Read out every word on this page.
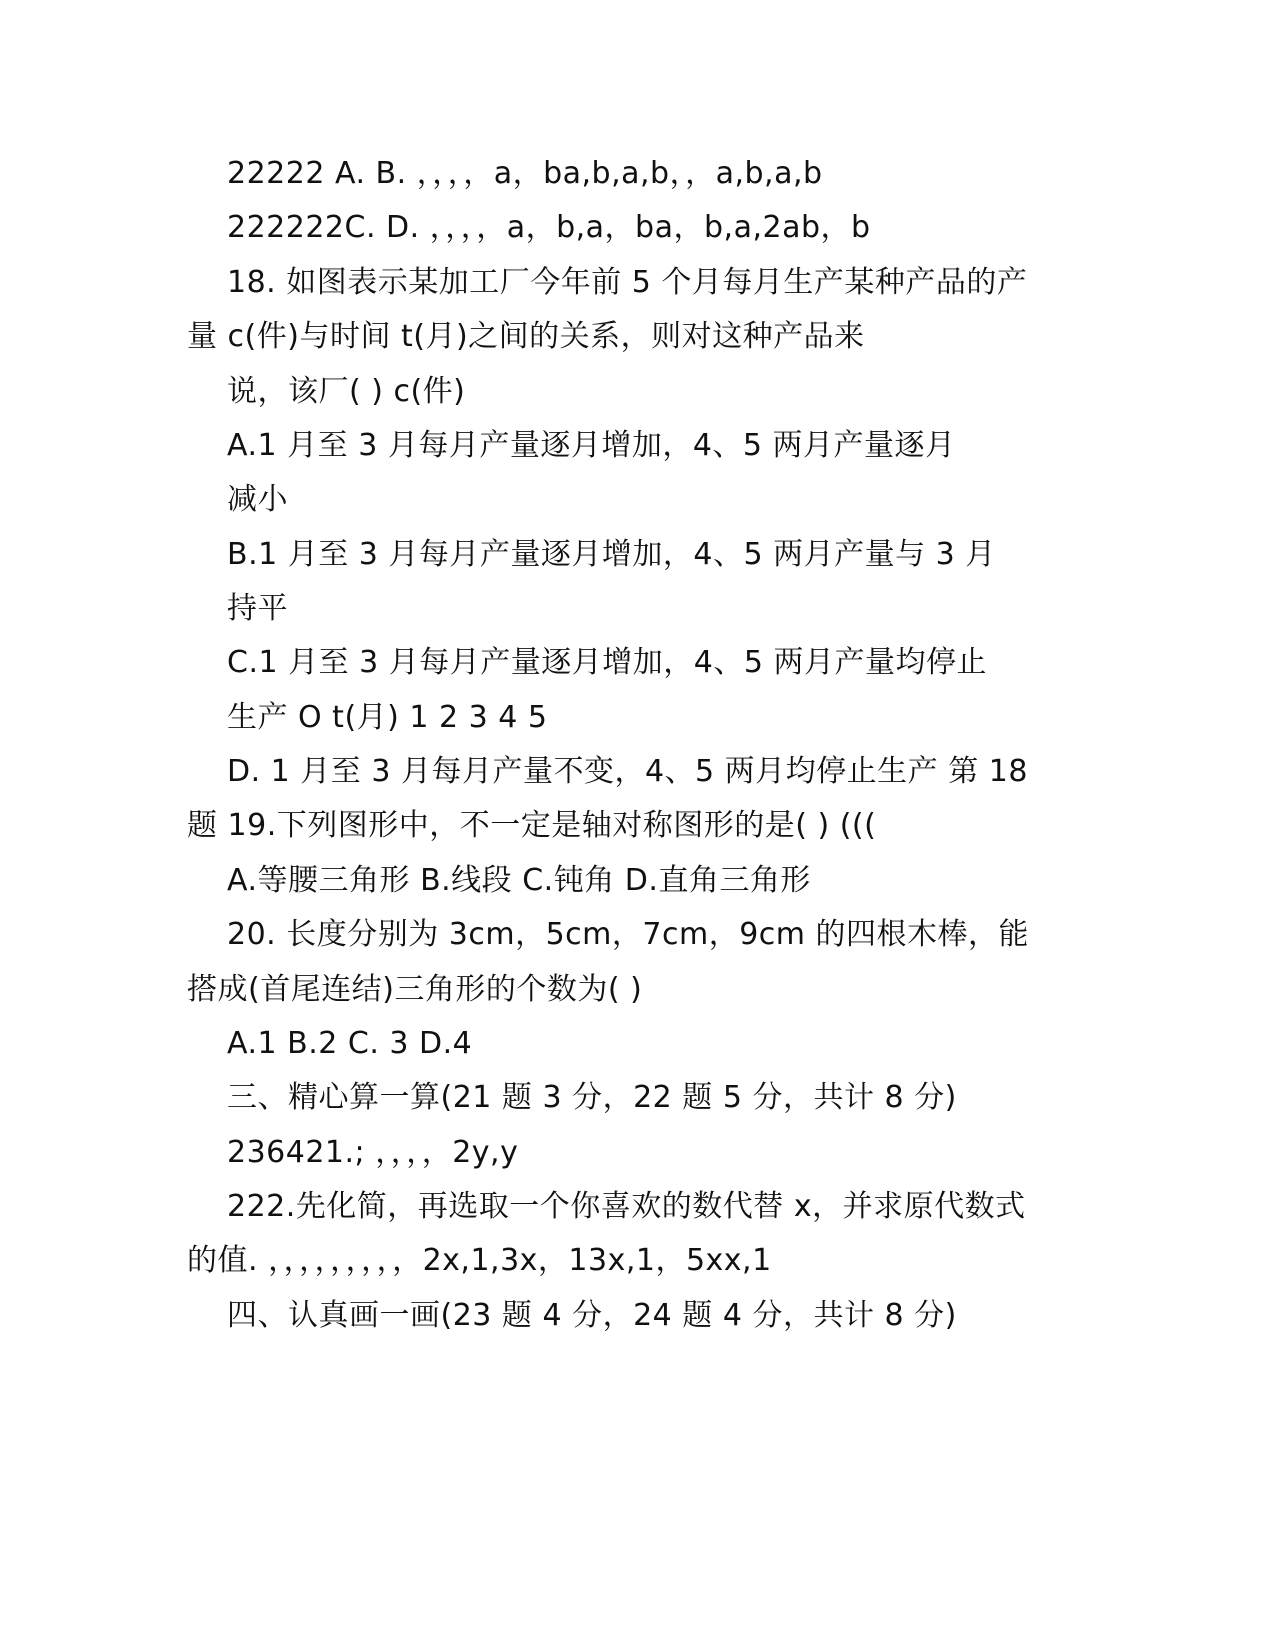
22222 A. B. ，，，，a，ba,b,a,b，，a,b,a,b
222222C. D. ，，，，a，b,a，ba，b,a,2ab，b
18. 如图表示某加工厂今年前 5 个月每月生产某种产品的产
量 c(件)与时间 t(月)之间的关系，则对这种产品来
说，该厂( ) c(件)
A.1 月至 3 月每月产量逐月增加，4、5 两月产量逐月
减小
B.1 月至 3 月每月产量逐月增加，4、5 两月产量与 3 月
持平
C.1 月至 3 月每月产量逐月增加，4、5 两月产量均停止
生产 O t(月) 1 2 3 4 5
D. 1 月至 3 月每月产量不变，4、5 两月均停止生产 第 18
题 19.下列图形中，不一定是轴对称图形的是( ) (((
A.等腰三角形 B.线段 C.钝角 D.直角三角形
20. 长度分别为 3cm，5cm，7cm，9cm 的四根木棒，能
搭成(首尾连结)三角形的个数为( )
A.1 B.2 C. 3 D.4
三、精心算一算(21 题 3 分，22 题 5 分，共计 8 分)
236421.; ，，，，2y,y
222.先化简，再选取一个你喜欢的数代替 x，并求原代数式
的值. ，，，，，，，，，2x,1,3x，13x,1，5xx,1
四、认真画一画(23 题 4 分，24 题 4 分，共计 8 分)
